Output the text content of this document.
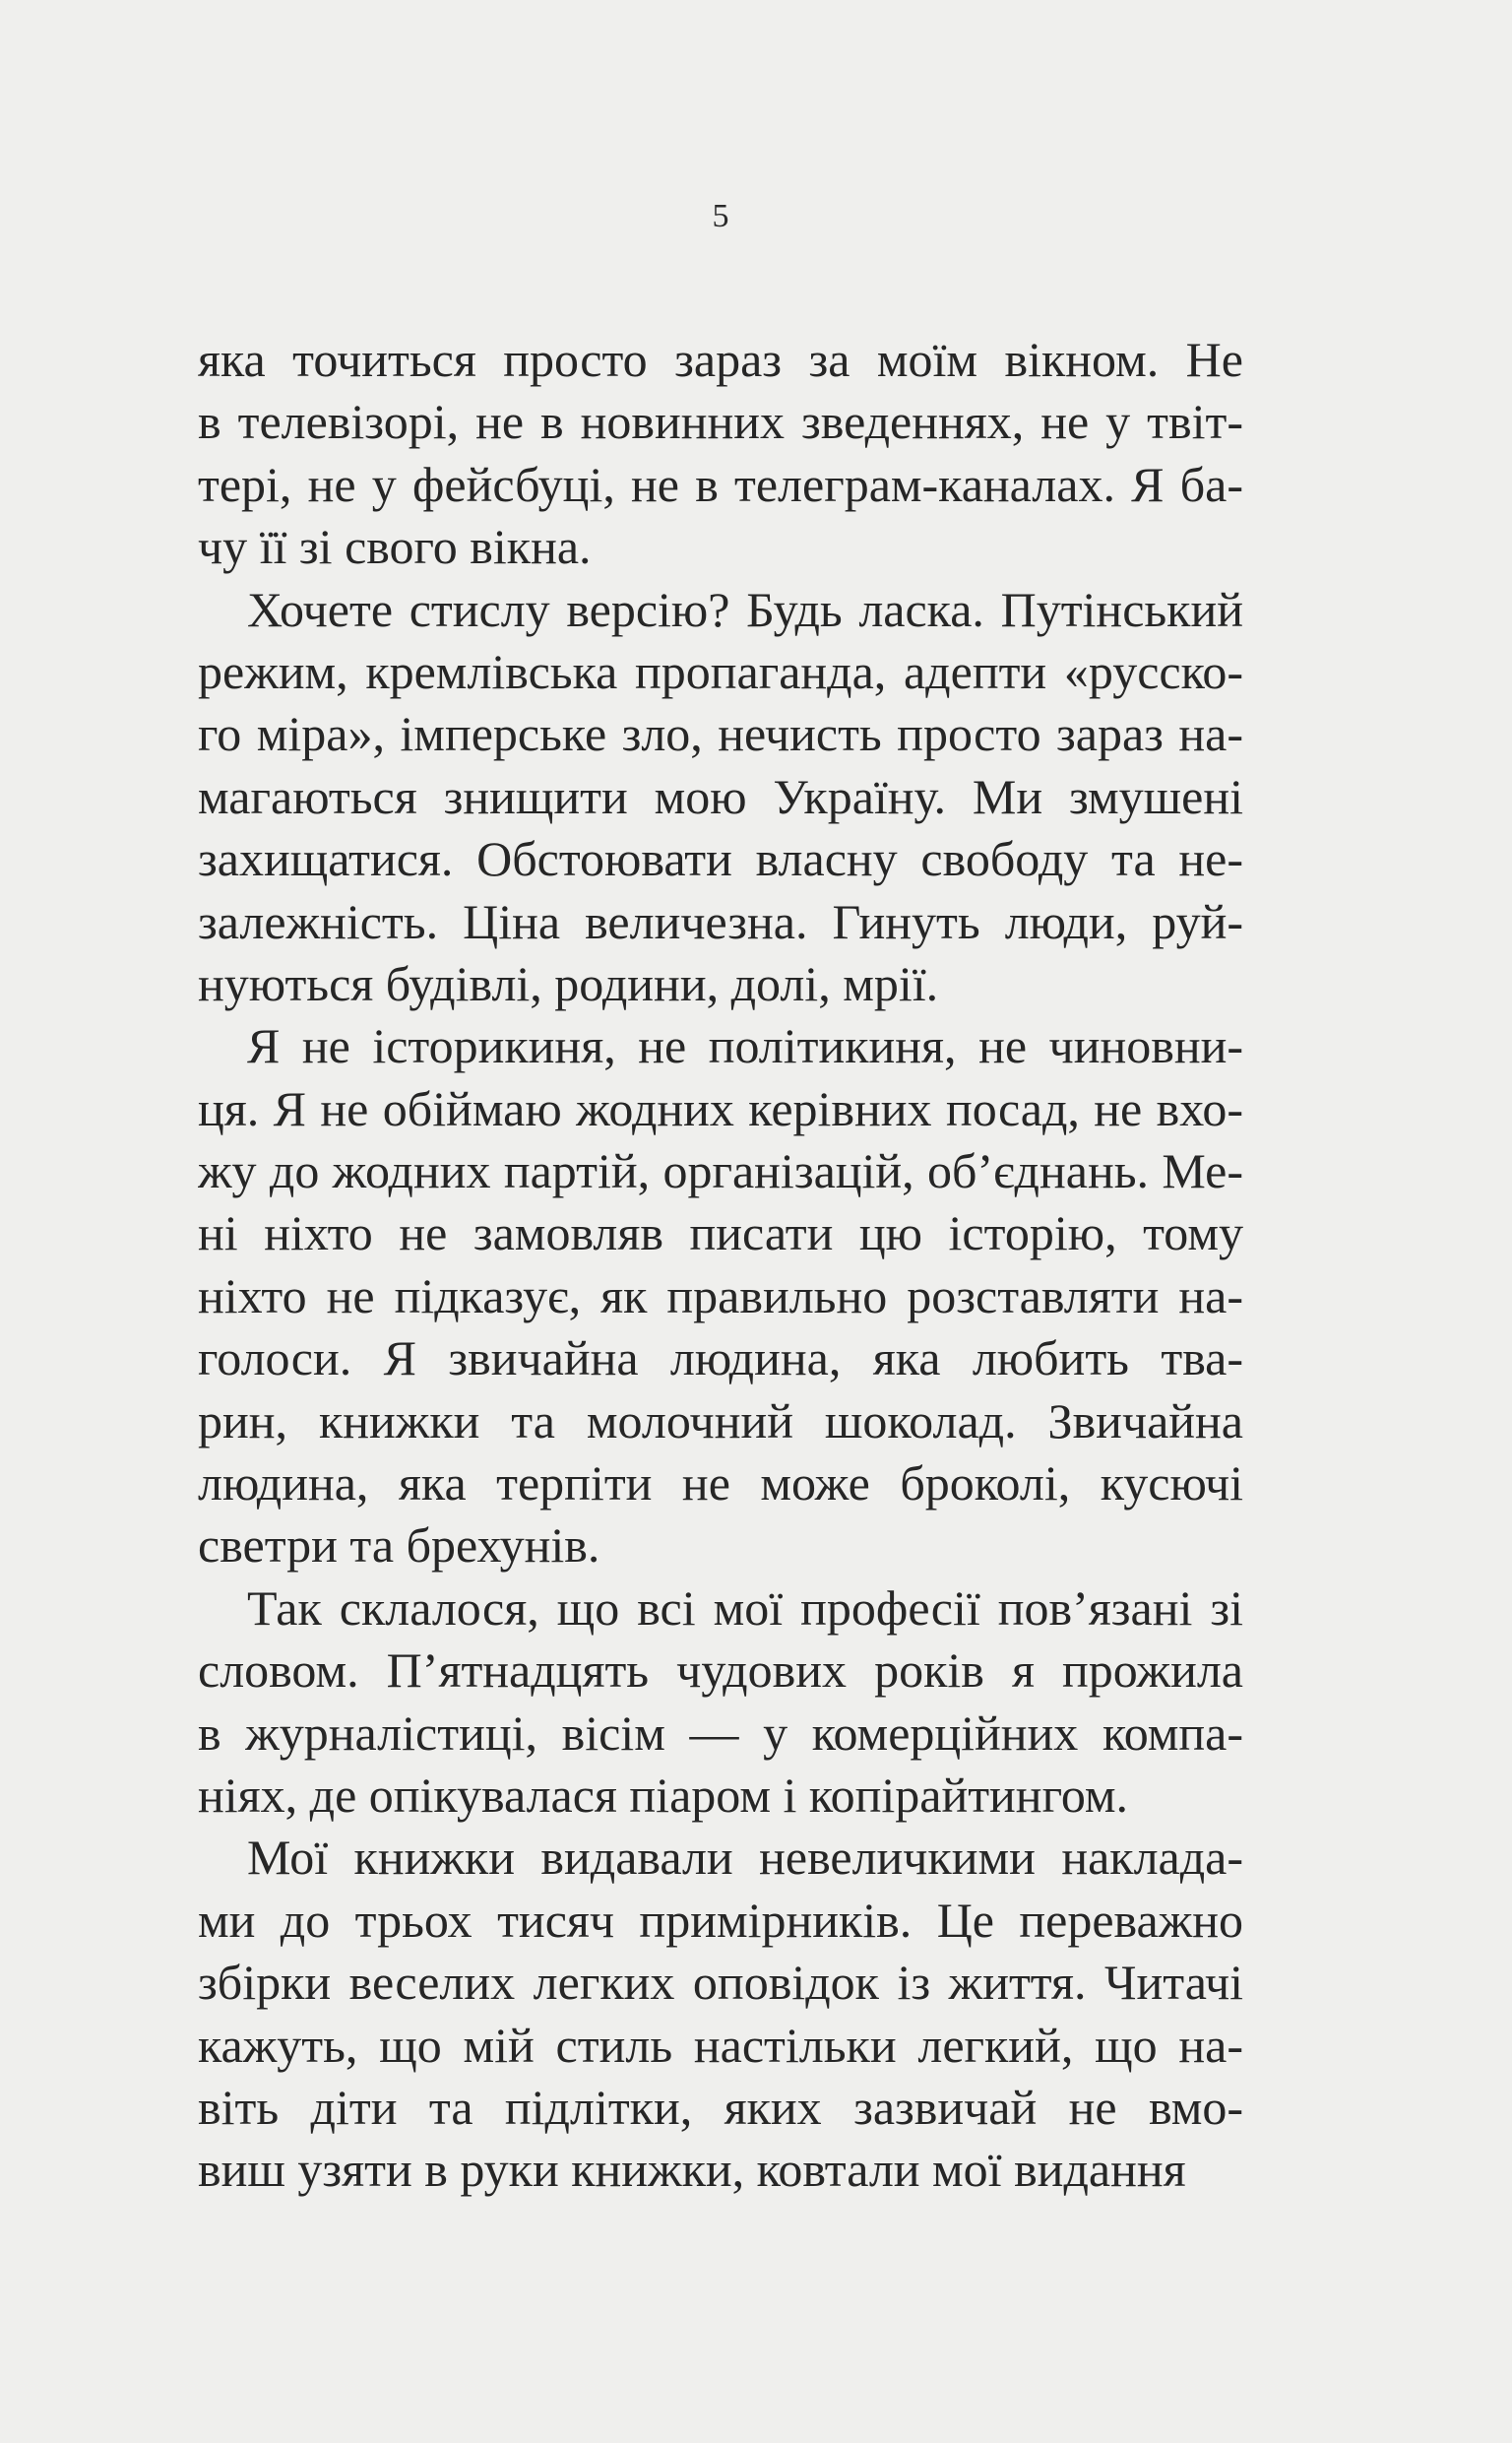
5
яка точиться просто зараз за моїм вікном. Не
в телевізорі, не в новинних зведеннях, не у твіт-
тері, не у фейсбуці, не в телеграм-каналах. Я ба-
чу її зі свого вікна.
Хочете стислу версію? Будь ласка. Путінський
режим, кремлівська пропаганда, адепти «русско-
го міра», імперське зло, нечисть просто зараз на-
магаються знищити мою Україну. Ми змушені
захищатися. Обстоювати власну свободу та не-
залежність. Ціна величезна. Гинуть люди, руй-
нуються будівлі, родини, долі, мрії.
Я не історикиня, не політикиня, не чиновни-
ця. Я не обіймаю жодних керівних посад, не вхо-
жу до жодних партій, організацій, об’єднань. Ме-
ні ніхто не замовляв писати цю історію, тому
ніхто не підказує, як правильно розставляти на-
голоси. Я звичайна людина, яка любить тва-
рин, книжки та молочний шоколад. Звичайна
людина, яка терпіти не може броколі, кусючі
светри та брехунів.
Так склалося, що всі мої професії пов’язані зі
словом. П’ятнадцять чудових років я прожила
в журналістиці, вісім — у комерційних компа-
ніях, де опікувалася піаром і копірайтингом.
Мої книжки видавали невеличкими наклада-
ми до трьох тисяч примірників. Це переважно
збірки веселих легких оповідок із життя. Читачі
кажуть, що мій стиль настільки легкий, що на-
віть діти та підлітки, яких зазвичай не вмо-
виш узяти в руки книжки, ковтали мої видання
